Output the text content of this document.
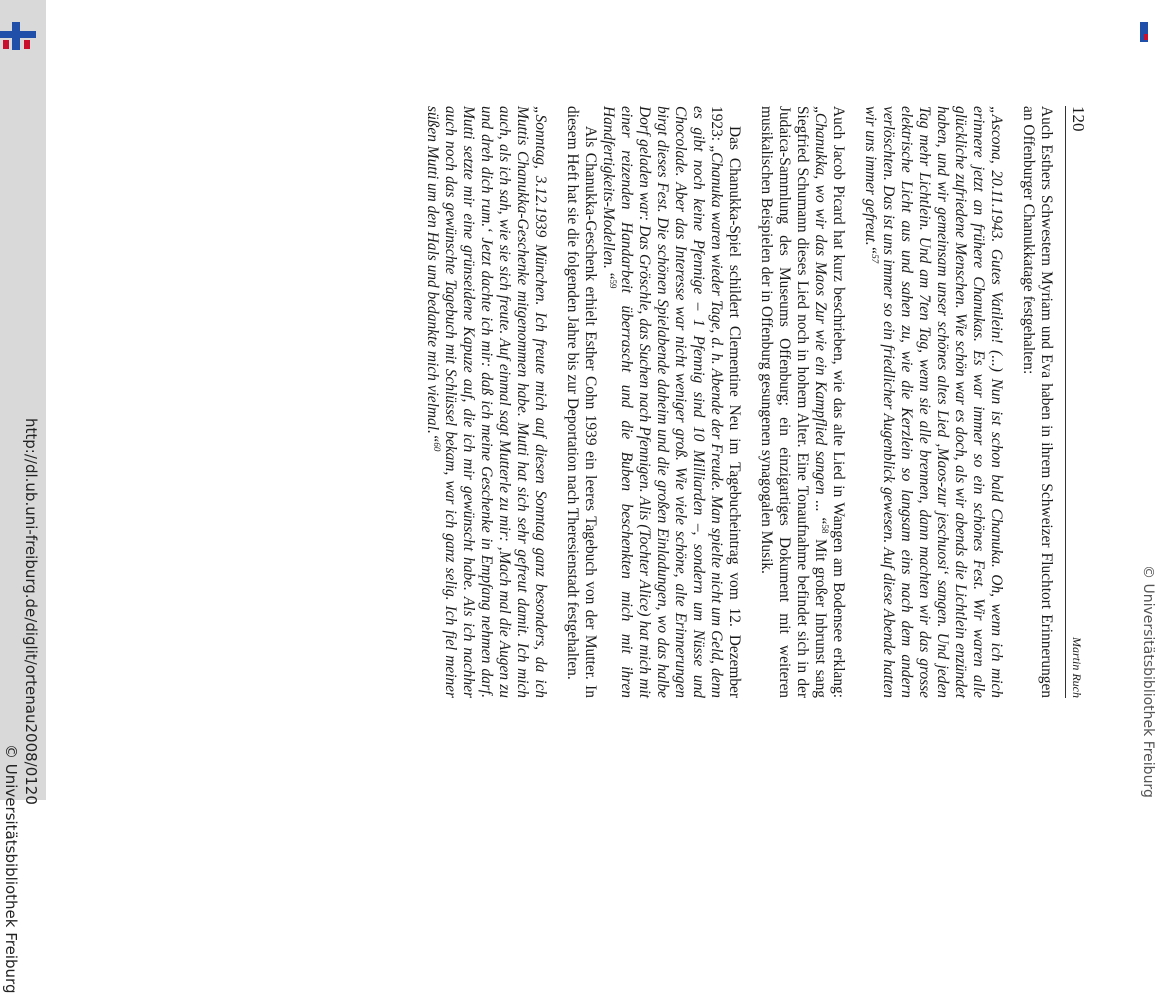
http://dl.ub.uni-freiburg.de/diglit/ortenau2008/0120
© Universitätsbibliothek Freiburg
© Universitätsbibliothek Freiburg
120
Martin Ruch

Auch Esthers Schwestern Myriam und Eva haben in ihrem Schweizer Fluchtort Erinnerungen an Offenburger Chanukkatage festgehalten:

„Ascona, 20.11.1943. Gutes Vatilein! (...) Nun ist schon bald Chanuka. Oh, wenn ich mich erinnere jetzt an frühere Chanukas. Es war immer so ein schönes Fest. Wir waren alle glückliche zufriedene Menschen. Wie schön war es doch, als wir abends die Lichtlein enzündet haben, und wir gemeinsam unser schönes altes Lied ‚Maos-zur jeschuosi‘ sangen. Und jeden Tag mehr Lichtlein. Und am 7ten Tag, wenn sie alle brennen, dann machten wir das grosse elektrische Licht aus und sahen zu, wie die Kerzlein so langsam eins nach dem andern verlöschten. Das ist uns immer so ein friedlicher Augenblick gewesen. Auf diese Abende hatten wir uns immer gefreut.“$^{57}$

Auch Jacob Picard hat kurz beschrieben, wie das alte Lied in Wangen am Bodensee erklang: „Chanukka, wo wir das Maos Zur wie ein Kampflied sangen ... “$^{58}$ Mit großer Inbrunst sang Siegfried Schumann dieses Lied noch in hohem Alter. Eine Tonaufnahme befindet sich in der Judaica-Sammlung des Museums Offenburg; ein einzigartiges Dokument mit weiteren musikalischen Beispielen der in Offenburg gesungenen synagogalen Musik.

Das Chanukka-Spiel schildert Clementine Neu im Tagebucheintrag vom 12. Dezember 1923: „Chanuka waren wieder Tage, d. h. Abende der Freude. Man spielte nicht um Geld, denn es gibt noch keine Pfennige – 1 Pfennig sind 10 Milliarden –, sondern um Nüsse und Chocolade. Aber das Interesse war nicht weniger groß. Wie viele schöne, alte Erinnerungen birgt dieses Fest. Die schönen Spielabende daheim und die großen Einladungen, wo das halbe Dorf geladen war: Das Gröschle, das Suchen nach Pfennigen. Alis (Tochter Alice) hat mich mit einer reizenden Handarbeit überrascht und die Buben beschenkten mich mit ihren Handfertigkeits-Modellen. “$^{59}$

Als Chanukka-Geschenk erhielt Esther Cohn 1939 ein leeres Tagebuch von der Mutter. In diesem Heft hat sie die folgenden Jahre bis zur Deportation nach Theresienstadt festgehalten.

„Sonntag, 3.12.1939 München. Ich freute mich auf diesen Sonntag ganz besonders, da ich Muttis Chanukka-Geschenke mitgenommen habe. Mutti hat sich sehr gefreut damit. Ich mich auch, als ich sah, wie sie sich freute. Auf einmal sagt Mutterle zu mir: ‚Mach mal die Augen zu und dreh dich rum.‘ Jetzt dachte ich mir: daß ich meine Geschenke in Empfang nehmen darf. Mutti setzte mir eine grünseidene Kapuze auf, die ich mir gewünscht habe. Als ich nachher auch noch das gewünschte Tagebuch mit Schlüssel bekam, war ich ganz selig. Ich fiel meiner süßen Mutti um den Hals und bedankte mich vielmal.“$^{60}$
